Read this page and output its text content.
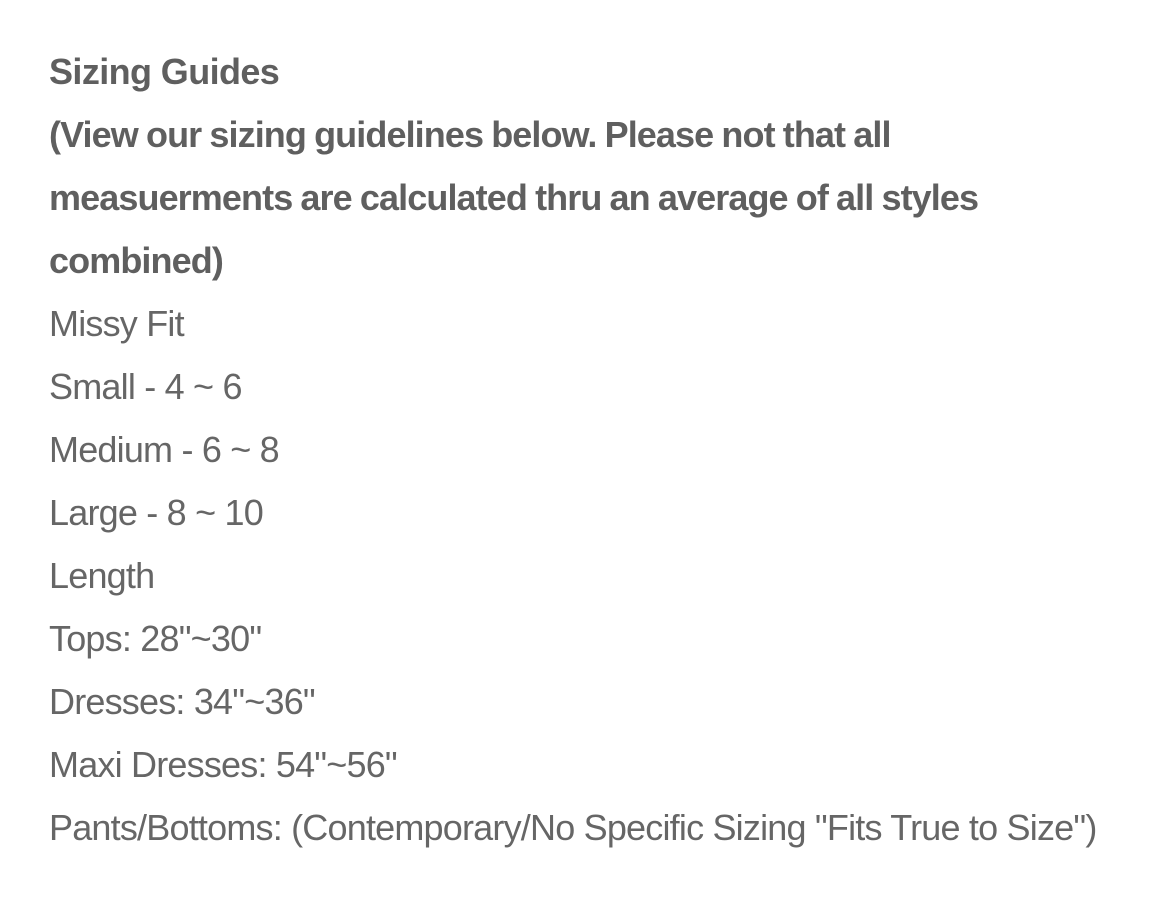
Sizing Guides

(View our sizing guidelines below. Please not that all measuerments are calculated thru an average of all styles combined)

Missy Fit

Small - 4 ~ 6

Medium - 6 ~ 8

Large - 8 ~ 10

Length

Tops: 28"~30"

Dresses: 34"~36"

Maxi Dresses: 54"~56"

Pants/Bottoms: (Contemporary/No Specific Sizing "Fits True to Size")
